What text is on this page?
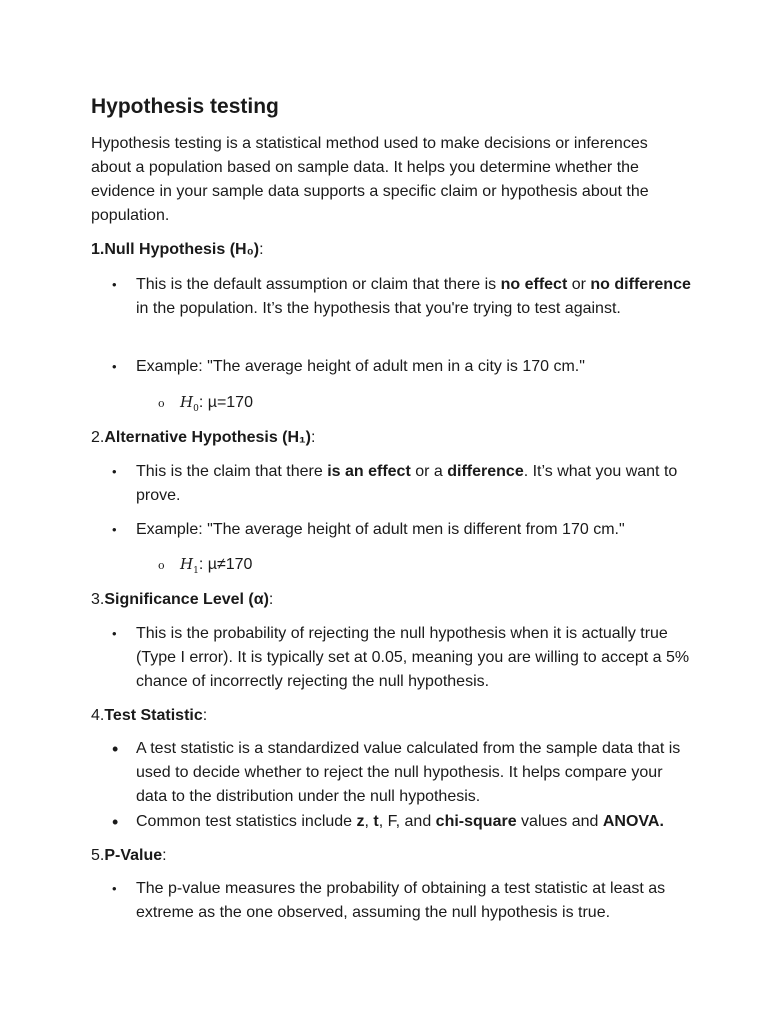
Hypothesis testing

Hypothesis testing is a statistical method used to make decisions or inferences about a population based on sample data. It helps you determine whether the evidence in your sample data supports a specific claim or hypothesis about the population.

1.Null Hypothesis (H₀):

•	This is the default assumption or claim that there is no effect or no difference in the population. It’s the hypothesis that you're trying to test against.
•	Example: "The average height of adult men in a city is 170 cm."
o $H_0$: µ=170

2.Alternative Hypothesis (H₁):

•	This is the claim that there is an effect or a difference. It’s what you want to prove.
•	Example: "The average height of adult men is different from 170 cm."
o $H_1$: µ≠170

3.Significance Level (α):

•	This is the probability of rejecting the null hypothesis when it is actually true (Type I error). It is typically set at 0.05, meaning you are willing to accept a 5% chance of incorrectly rejecting the null hypothesis.

4.Test Statistic:

•	A test statistic is a standardized value calculated from the sample data that is used to decide whether to reject the null hypothesis. It helps compare your data to the distribution under the null hypothesis.
•	Common test statistics include z, t, F, and chi-square values and ANOVA.

5.P-Value:

•	The p-value measures the probability of obtaining a test statistic at least as extreme as the one observed, assuming the null hypothesis is true.
